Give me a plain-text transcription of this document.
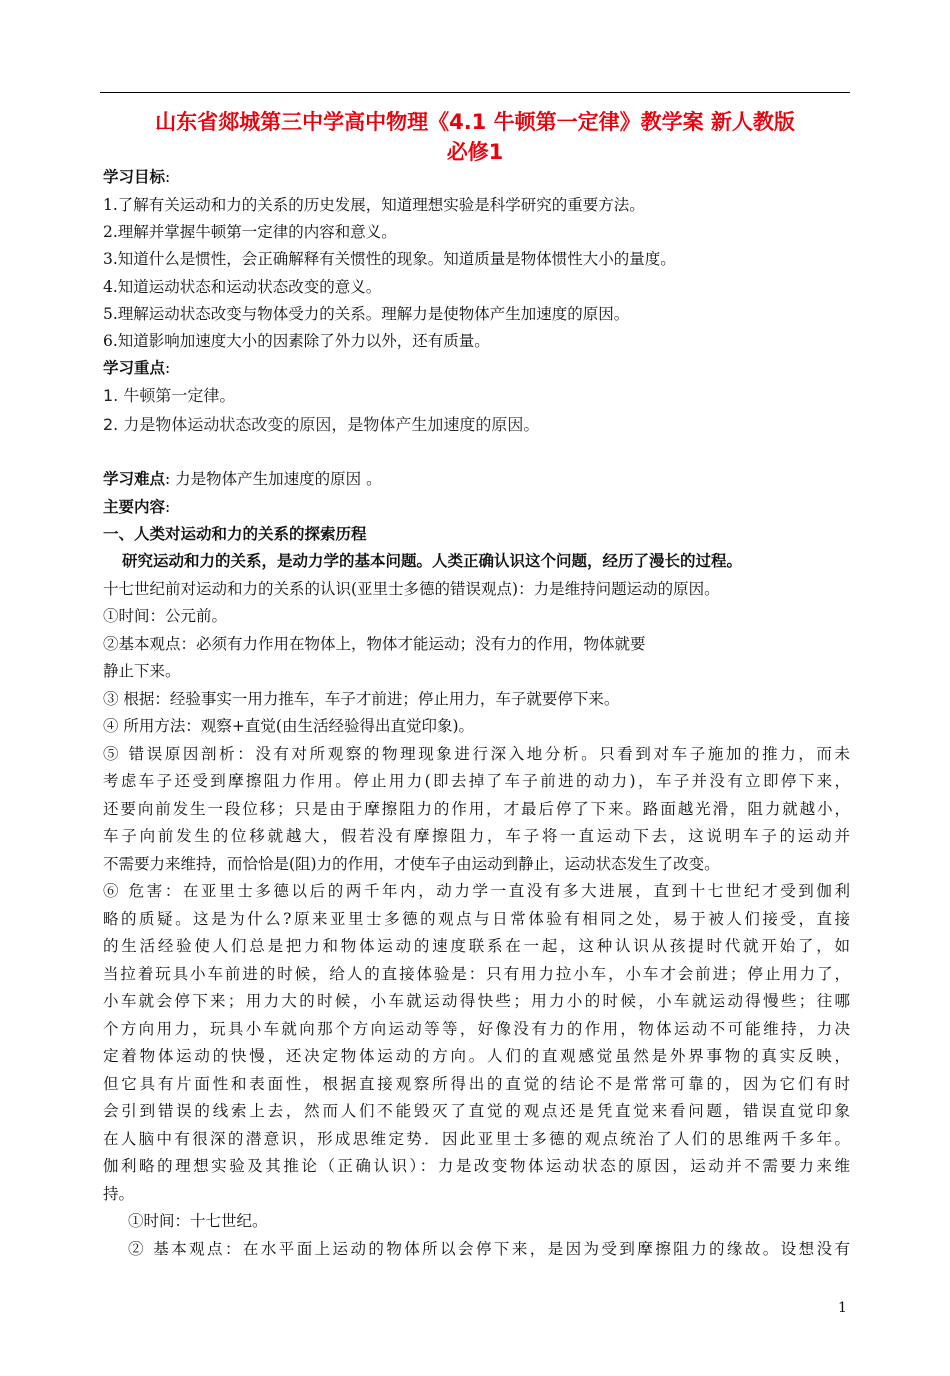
山东省郯城第三中学高中物理《4.1 牛顿第一定律》教学案 新人教版
必修1
学习目标:
1.了解有关运动和力的关系的历史发展，知道理想实验是科学研究的重要方法。
2.理解并掌握牛顿第一定律的内容和意义。
3.知道什么是惯性，会正确解释有关惯性的现象。知道质量是物体惯性大小的量度。
4.知道运动状态和运动状态改变的意义。
5.理解运动状态改变与物体受力的关系。理解力是使物体产生加速度的原因。
6.知道影响加速度大小的因素除了外力以外，还有质量。
学习重点:
1. 牛顿第一定律。
2. 力是物体运动状态改变的原因，是物体产生加速度的原因。
学习难点: 力是物体产生加速度的原因 。
主要内容:
一、人类对运动和力的关系的探索历程
研究运动和力的关系，是动力学的基本问题。人类正确认识这个问题，经历了漫长的过程。
十七世纪前对运动和力的关系的认识(亚里士多德的错误观点)：力是维持问题运动的原因。
①时间：公元前。
②基本观点：必须有力作用在物体上，物体才能运动；没有力的作用，物体就要
静止下来。
③ 根据：经验事实一用力推车，车子才前进；停止用力，车子就要停下来。
④ 所用方法：观察+直觉(由生活经验得出直觉印象)。
⑤ 错误原因剖析：没有对所观察的物理现象进行深入地分析。只看到对车子施加的推力，而未
考虑车子还受到摩擦阻力作用。停止用力(即去掉了车子前进的动力)，车子并没有立即停下来，
还要向前发生一段位移；只是由于摩擦阻力的作用，才最后停了下来。路面越光滑，阻力就越小，
车子向前发生的位移就越大，假若没有摩擦阻力，车子将一直运动下去，这说明车子的运动并
不需要力来维持，而恰恰是(阻)力的作用，才使车子由运动到静止，运动状态发生了改变。
⑥ 危害：在亚里士多德以后的两千年内，动力学一直没有多大进展，直到十七世纪才受到伽利
略的质疑。这是为什么?原来亚里士多德的观点与日常体验有相同之处，易于被人们接受，直接
的生活经验使人们总是把力和物体运动的速度联系在一起，这种认识从孩提时代就开始了，如
当拉着玩具小车前进的时候，给人的直接体验是：只有用力拉小车，小车才会前进；停止用力了，
小车就会停下来；用力大的时候，小车就运动得快些；用力小的时候，小车就运动得慢些；往哪
个方向用力，玩具小车就向那个方向运动等等，好像没有力的作用，物体运动不可能维持，力决
定着物体运动的快慢，还决定物体运动的方向。人们的直观感觉虽然是外界事物的真实反映，
但它具有片面性和表面性，根据直接观察所得出的直觉的结论不是常常可靠的，因为它们有时
会引到错误的线索上去，然而人们不能毁灭了直觉的观点还是凭直觉来看问题，错误直觉印象
在人脑中有很深的潜意识，形成思维定势．因此亚里士多德的观点统治了人们的思维两千多年。
伽利略的理想实验及其推论（正确认识）：力是改变物体运动状态的原因，运动并不需要力来维
持。
①时间：十七世纪。
② 基本观点：在水平面上运动的物体所以会停下来，是因为受到摩擦阻力的缘故。设想没有
1
